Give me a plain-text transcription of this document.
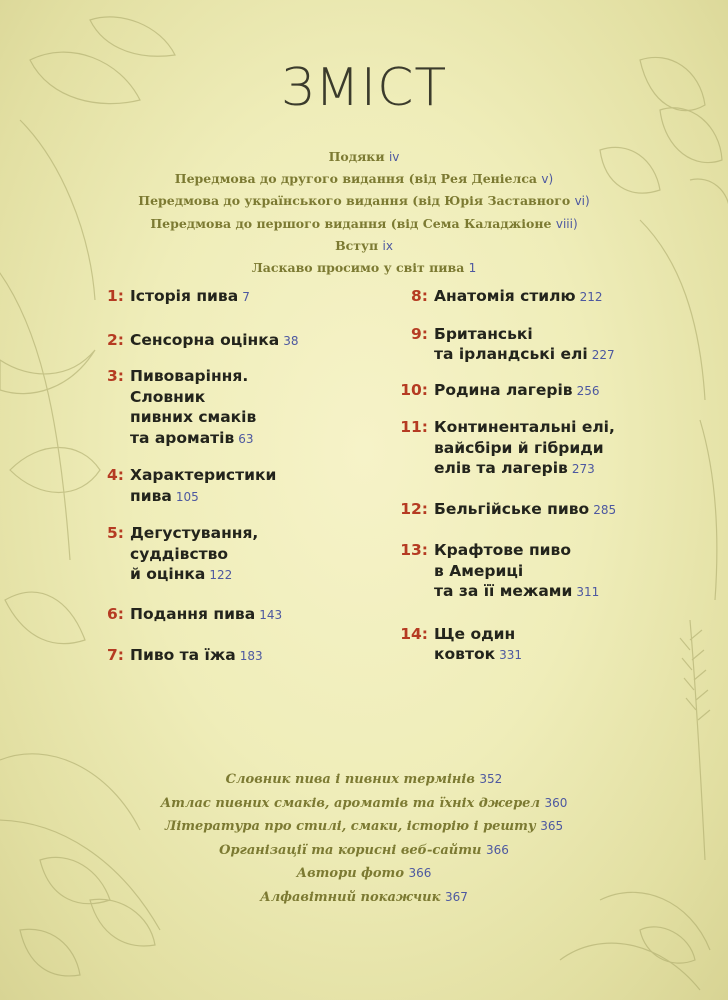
ЗМІСТ
Подяки iv
Передмова до другого видання (від Рея Деніелса v)
Передмова до українського видання (від Юрія Заставного vi)
Передмова до першого видання (від Сема Каладжіоне viii)
Вступ ix
Ласкаво просимо у світ пива 1
1: Історія пива 7
2: Сенсорна оцінка 38
3: Пивоваріння.
Словник
пивних смаків
та ароматів 63
4: Характеристики
пива 105
5: Дегустування,
суддівство
й оцінка 122
6: Подання пива 143
7: Пиво та їжа 183
8: Анатомія стилю 212
9: Британські
та ірландські елі 227
10: Родина лагерів 256
11: Континентальні елі,
вайсбіри й гібриди
елів та лагерів 273
12: Бельгійське пиво 285
13: Крафтове пиво
в Америці
та за її межами 311
14: Ще один
ковток 331
Словник пива і пивних термінів 352
Атлас пивних смаків, ароматів та їхніх джерел 360
Література про стилі, смаки, історію і решту 365
Організації та корисні веб-сайти 366
Автори фото 366
Алфавітний покажчик 367
